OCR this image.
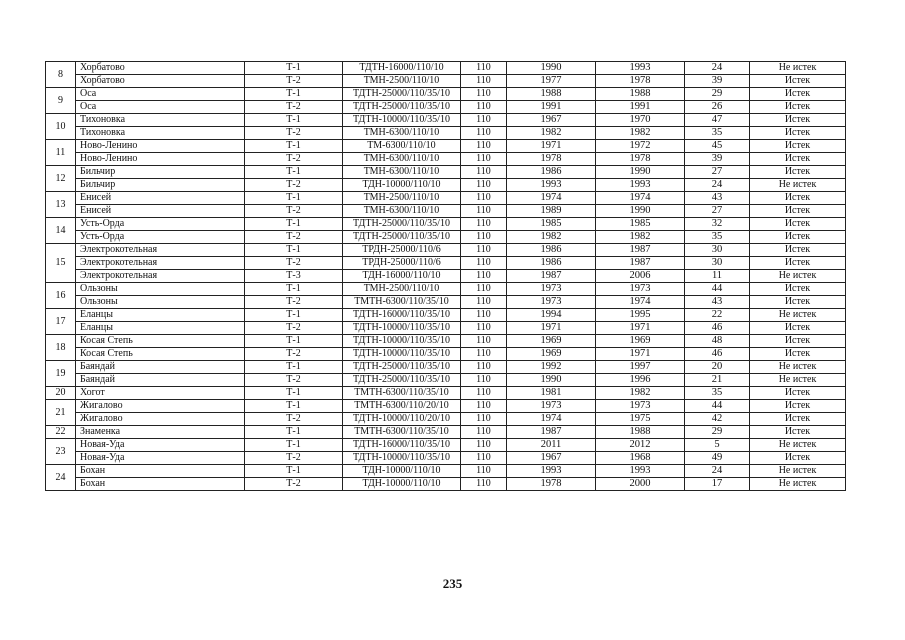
8	Хорбатово	Т-1	ТДТН-16000/110/10	110	1990	1993	24	Не истек
	Хорбатово	Т-2	ТМН-2500/110/10	110	1977	1978	39	Истек
9	Оса	Т-1	ТДТН-25000/110/35/10	110	1988	1988	29	Истек
	Оса	Т-2	ТДТН-25000/110/35/10	110	1991	1991	26	Истек
10	Тихоновка	Т-1	ТДТН-10000/110/35/10	110	1967	1970	47	Истек
	Тихоновка	Т-2	ТМН-6300/110/10	110	1982	1982	35	Истек
11	Ново-Ленино	Т-1	ТМ-6300/110/10	110	1971	1972	45	Истек
	Ново-Ленино	Т-2	ТМН-6300/110/10	110	1978	1978	39	Истек
12	Бильчир	Т-1	ТМН-6300/110/10	110	1986	1990	27	Истек
	Бильчир	Т-2	ТДН-10000/110/10	110	1993	1993	24	Не истек
13	Енисей	Т-1	ТМН-2500/110/10	110	1974	1974	43	Истек
	Енисей	Т-2	ТМН-6300/110/10	110	1989	1990	27	Истек
14	Усть-Орда	Т-1	ТДТН-25000/110/35/10	110	1985	1985	32	Истек
	Усть-Орда	Т-2	ТДТН-25000/110/35/10	110	1982	1982	35	Истек
15	Электрокотельная	Т-1	ТРДН-25000/110/6	110	1986	1987	30	Истек
	Электрокотельная	Т-2	ТРДН-25000/110/6	110	1986	1987	30	Истек
	Электрокотельная	Т-3	ТДН-16000/110/10	110	1987	2006	11	Не истек
16	Ользоны	Т-1	ТМН-2500/110/10	110	1973	1973	44	Истек
	Ользоны	Т-2	ТМТН-6300/110/35/10	110	1973	1974	43	Истек
17	Еланцы	Т-1	ТДТН-16000/110/35/10	110	1994	1995	22	Не истек
	Еланцы	Т-2	ТДТН-10000/110/35/10	110	1971	1971	46	Истек
18	Косая Степь	Т-1	ТДТН-10000/110/35/10	110	1969	1969	48	Истек
	Косая Степь	Т-2	ТДТН-10000/110/35/10	110	1969	1971	46	Истек
19	Баяндай	Т-1	ТДТН-25000/110/35/10	110	1992	1997	20	Не истек
	Баяндай	Т-2	ТДТН-25000/110/35/10	110	1990	1996	21	Не истек
20	Хогот	Т-1	ТМТН-6300/110/35/10	110	1981	1982	35	Истек
21	Жигалово	Т-1	ТМТН-6300/110/20/10	110	1973	1973	44	Истек
	Жигалово	Т-2	ТДТН-10000/110/20/10	110	1974	1975	42	Истек
22	Знаменка	Т-1	ТМТН-6300/110/35/10	110	1987	1988	29	Истек
23	Новая-Уда	Т-1	ТДТН-16000/110/35/10	110	2011	2012	5	Не истек
	Новая-Уда	Т-2	ТДТН-10000/110/35/10	110	1967	1968	49	Истек
24	Бохан	Т-1	ТДН-10000/110/10	110	1993	1993	24	Не истек
	Бохан	Т-2	ТДН-10000/110/10	110	1978	2000	17	Не истек
235
